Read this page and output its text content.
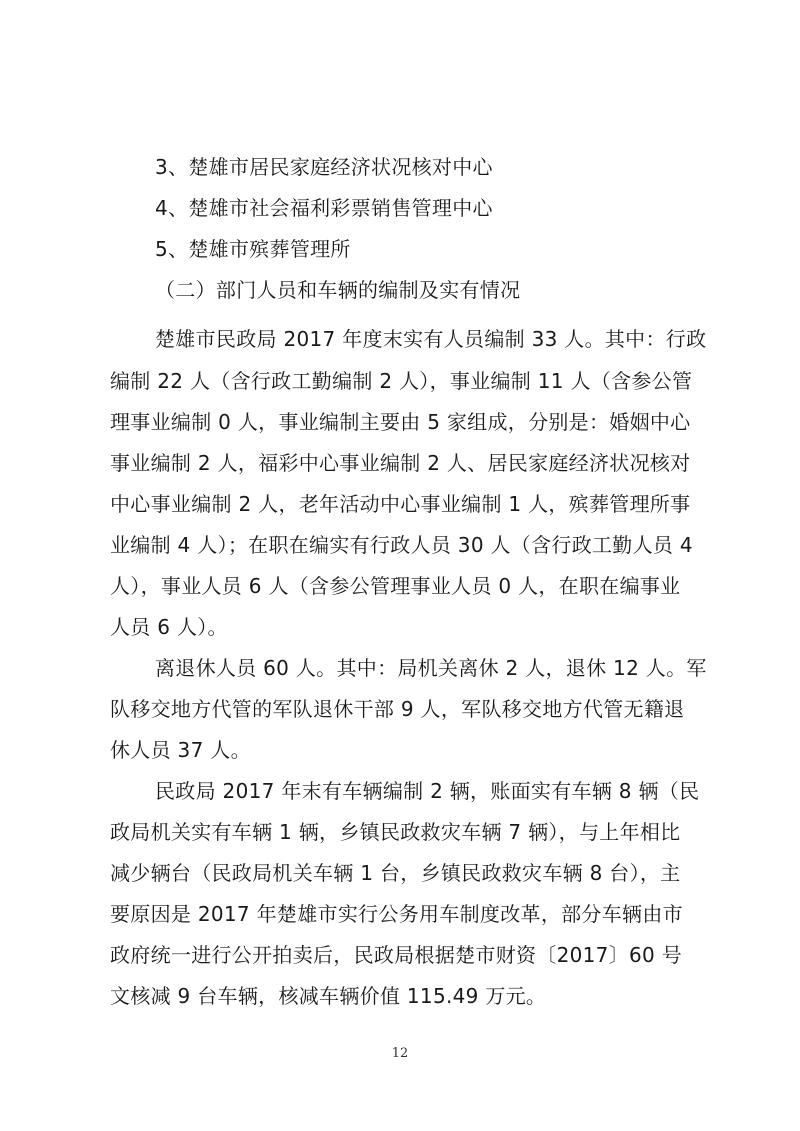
3、楚雄市居民家庭经济状况核对中心
4、楚雄市社会福利彩票销售管理中心
5、楚雄市殡葬管理所
（二）部门人员和车辆的编制及实有情况
楚雄市民政局 2017 年度末实有人员编制 33 人。其中：行政
编制 22 人（含行政工勤编制 2 人），事业编制 11 人（含参公管
理事业编制 0 人，事业编制主要由 5 家组成，分别是：婚姻中心
事业编制 2 人，福彩中心事业编制 2 人、居民家庭经济状况核对
中心事业编制 2 人，老年活动中心事业编制 1 人，殡葬管理所事
业编制 4 人）；在职在编实有行政人员 30 人（含行政工勤人员 4
人），事业人员 6 人（含参公管理事业人员 0 人，在职在编事业
人员 6 人）。
离退休人员 60 人。其中：局机关离休 2 人，退休 12 人。军
队移交地方代管的军队退休干部 9 人，军队移交地方代管无籍退
休人员 37 人。
民政局 2017 年末有车辆编制 2 辆，账面实有车辆 8 辆（民
政局机关实有车辆 1 辆，乡镇民政救灾车辆 7 辆），与上年相比
减少辆台（民政局机关车辆 1 台，乡镇民政救灾车辆 8 台），主
要原因是 2017 年楚雄市实行公务用车制度改革，部分车辆由市
政府统一进行公开拍卖后，民政局根据楚市财资〔2017〕60 号
文核减 9 台车辆，核减车辆价值 115.49 万元。
12
